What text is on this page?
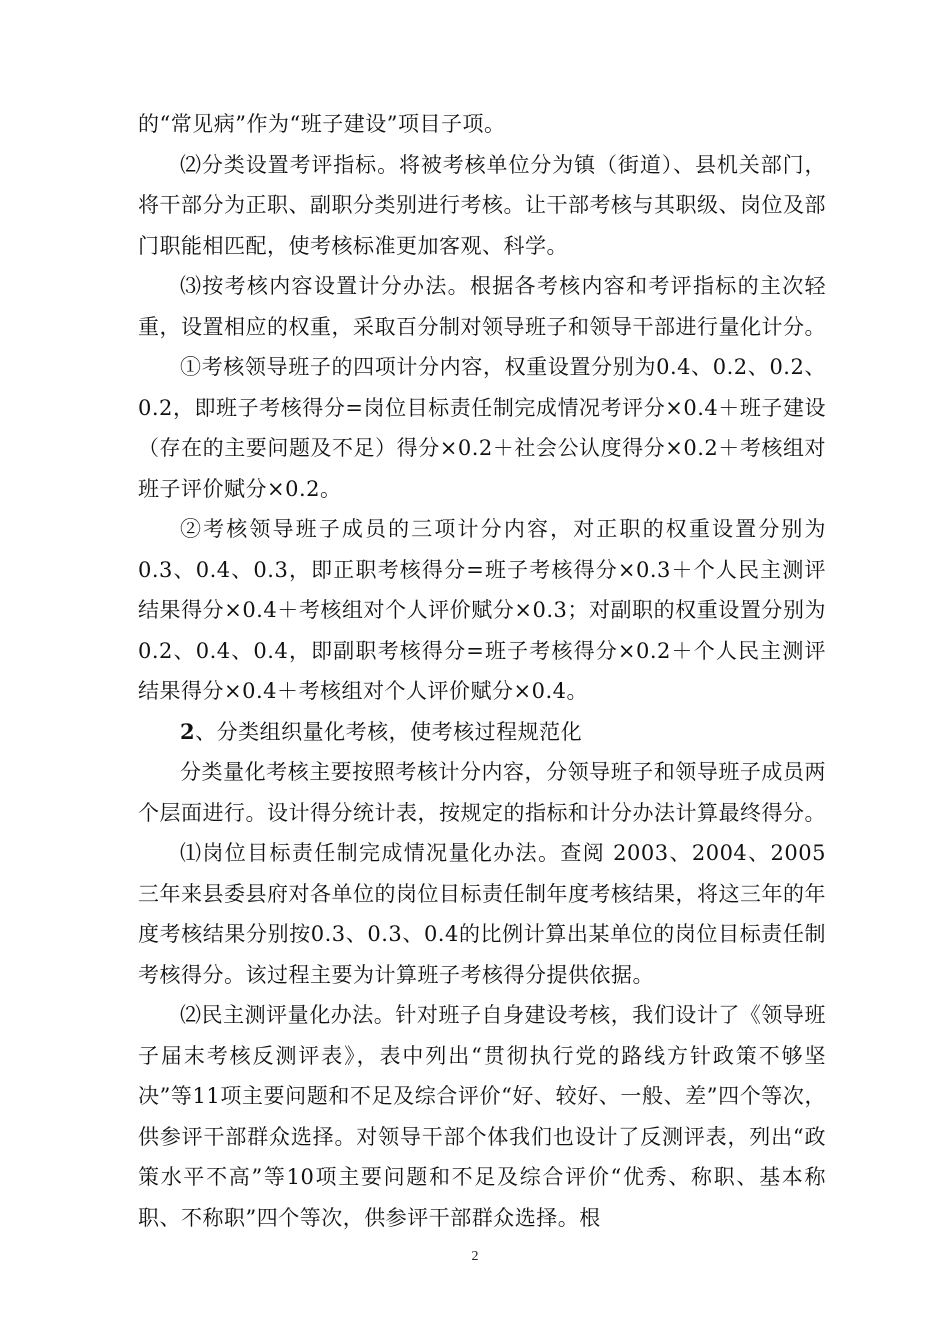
的“常见病”作为“班子建设”项目子项。

⑵分类设置考评指标。将被考核单位分为镇（街道）、县机关部门，将干部分为正职、副职分类别进行考核。让干部考核与其职级、岗位及部门职能相匹配，使考核标准更加客观、科学。

⑶按考核内容设置计分办法。根据各考核内容和考评指标的主次轻重，设置相应的权重，采取百分制对领导班子和领导干部进行量化计分。

①考核领导班子的四项计分内容，权重设置分别为0.4、0.2、0.2、0.2，即班子考核得分=岗位目标责任制完成情况考评分×0.4＋班子建设（存在的主要问题及不足）得分×0.2＋社会公认度得分×0.2＋考核组对班子评价赋分×0.2。

②考核领导班子成员的三项计分内容，对正职的权重设置分别为0.3、0.4、0.3，即正职考核得分=班子考核得分×0.3＋个人民主测评结果得分×0.4＋考核组对个人评价赋分×0.3；对副职的权重设置分别为 0.2、0.4、0.4，即副职考核得分=班子考核得分×0.2＋个人民主测评结果得分×0.4＋考核组对个人评价赋分×0.4。

2、分类组织量化考核，使考核过程规范化

分类量化考核主要按照考核计分内容，分领导班子和领导班子成员两个层面进行。设计得分统计表，按规定的指标和计分办法计算最终得分。

⑴岗位目标责任制完成情况量化办法。查阅 2003、2004、2005三年来县委县府对各单位的岗位目标责任制年度考核结果，将这三年的年度考核结果分别按0.3、0.3、0.4的比例计算出某单位的岗位目标责任制考核得分。该过程主要为计算班子考核得分提供依据。

⑵民主测评量化办法。针对班子自身建设考核，我们设计了《领导班子届末考核反测评表》，表中列出“贯彻执行党的路线方针政策不够坚决”等11项主要问题和不足及综合评价“好、较好、一般、差”四个等次，供参评干部群众选择。对领导干部个体我们也设计了反测评表，列出“政策水平不高”等10项主要问题和不足及综合评价“优秀、称职、基本称职、不称职”四个等次，供参评干部群众选择。根

2
